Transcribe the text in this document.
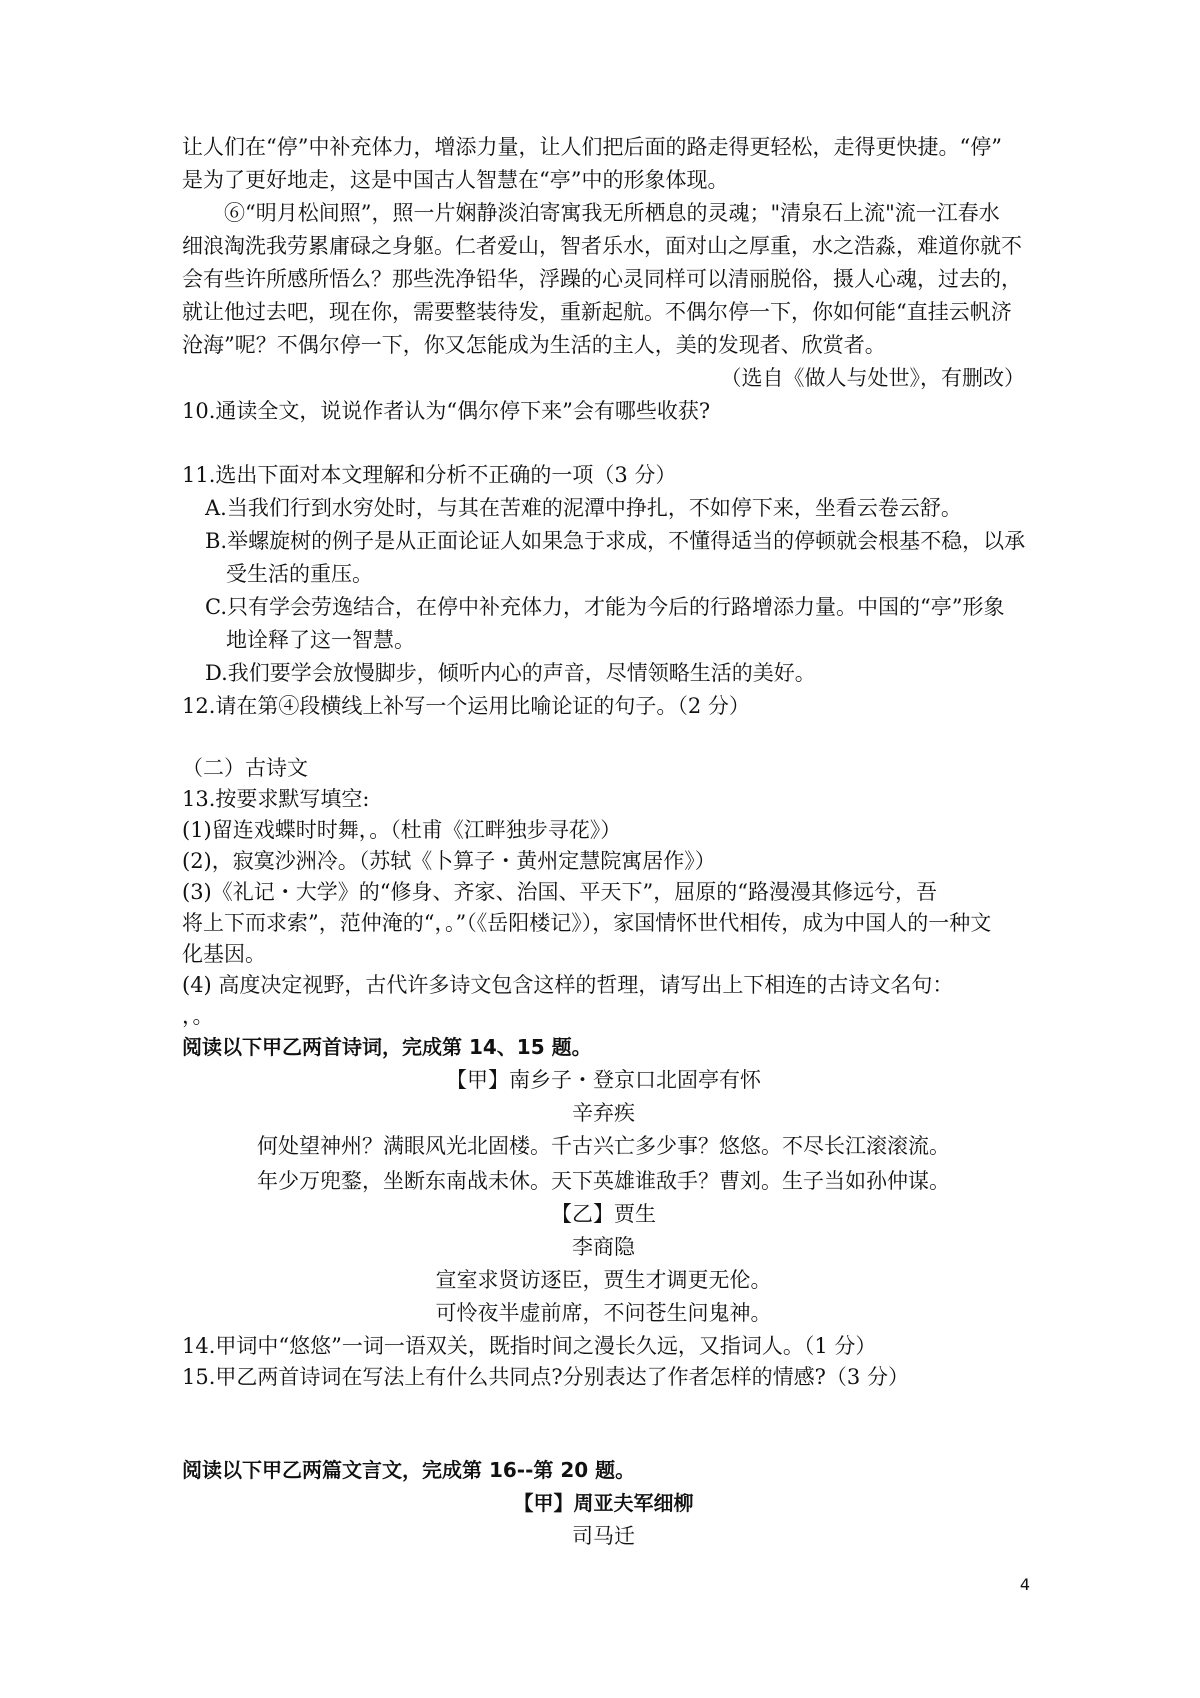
让人们在“停”中补充体力，增添力量，让人们把后面的路走得更轻松，走得更快捷。“停”
是为了更好地走，这是中国古人智慧在“亭”中的形象体现。
⑥“明月松间照”，照一片娴静淡泊寄寓我无所栖息的灵魂；"清泉石上流"流一江春水
细浪淘洗我劳累庸碌之身躯。仁者爱山，智者乐水，面对山之厚重，水之浩淼，难道你就不
会有些许所感所悟么？那些洗净铅华，浮躁的心灵同样可以清丽脱俗，摄人心魂，过去的，
就让他过去吧，现在你，需要整装待发，重新起航。不偶尔停一下，你如何能“直挂云帆济
沧海”呢？不偶尔停一下，你又怎能成为生活的主人，美的发现者、欣赏者。
（选自《做人与处世》，有删改）
10.通读全文，说说作者认为“偶尔停下来”会有哪些收获?
11.选出下面对本文理解和分析不正确的一项（3 分）
A.当我们行到水穷处时，与其在苦难的泥潭中挣扎，不如停下来，坐看云卷云舒。
B.举螺旋树的例子是从正面论证人如果急于求成，不懂得适当的停顿就会根基不稳，以承
受生活的重压。
C.只有学会劳逸结合，在停中补充体力，才能为今后的行路增添力量。中国的“亭”形象
地诠释了这一智慧。
D.我们要学会放慢脚步，倾听内心的声音，尽情领略生活的美好。
12.请在第④段横线上补写一个运用比喻论证的句子。（2 分）
（二）古诗文
13.按要求默写填空:
(1)留连戏蝶时时舞，。（杜甫《江畔独步寻花》）
(2)，寂寞沙洲冷。（苏轼《卜算子・黄州定慧院寓居作》）
(3)《礼记・大学》的“修身、齐家、治国、平天下”，屈原的“路漫漫其修远兮，吾
将上下而求索”，范仲淹的“，。”（《岳阳楼记》），家国情怀世代相传，成为中国人的一种文
化基因。
(4) 高度决定视野，古代许多诗文包含这样的哲理，请写出上下相连的古诗文名句：
，。
阅读以下甲乙两首诗词，完成第 14、15 题。
【甲】南乡子・登京口北固亭有怀
辛弃疾
何处望神州？满眼风光北固楼。千古兴亡多少事？悠悠。不尽长江滚滚流。
年少万兜鍪，坐断东南战未休。天下英雄谁敌手？曹刘。生子当如孙仲谋。
【乙】贾生
李商隐
宣室求贤访逐臣，贾生才调更无伦。
可怜夜半虚前席，不问苍生问鬼神。
14.甲词中“悠悠”一词一语双关，既指时间之漫长久远，又指词人。（1 分）
15.甲乙两首诗词在写法上有什么共同点?分别表达了作者怎样的情感?（3 分）
阅读以下甲乙两篇文言文，完成第 16--第 20 题。
【甲】周亚夫军细柳
司马迁
4
